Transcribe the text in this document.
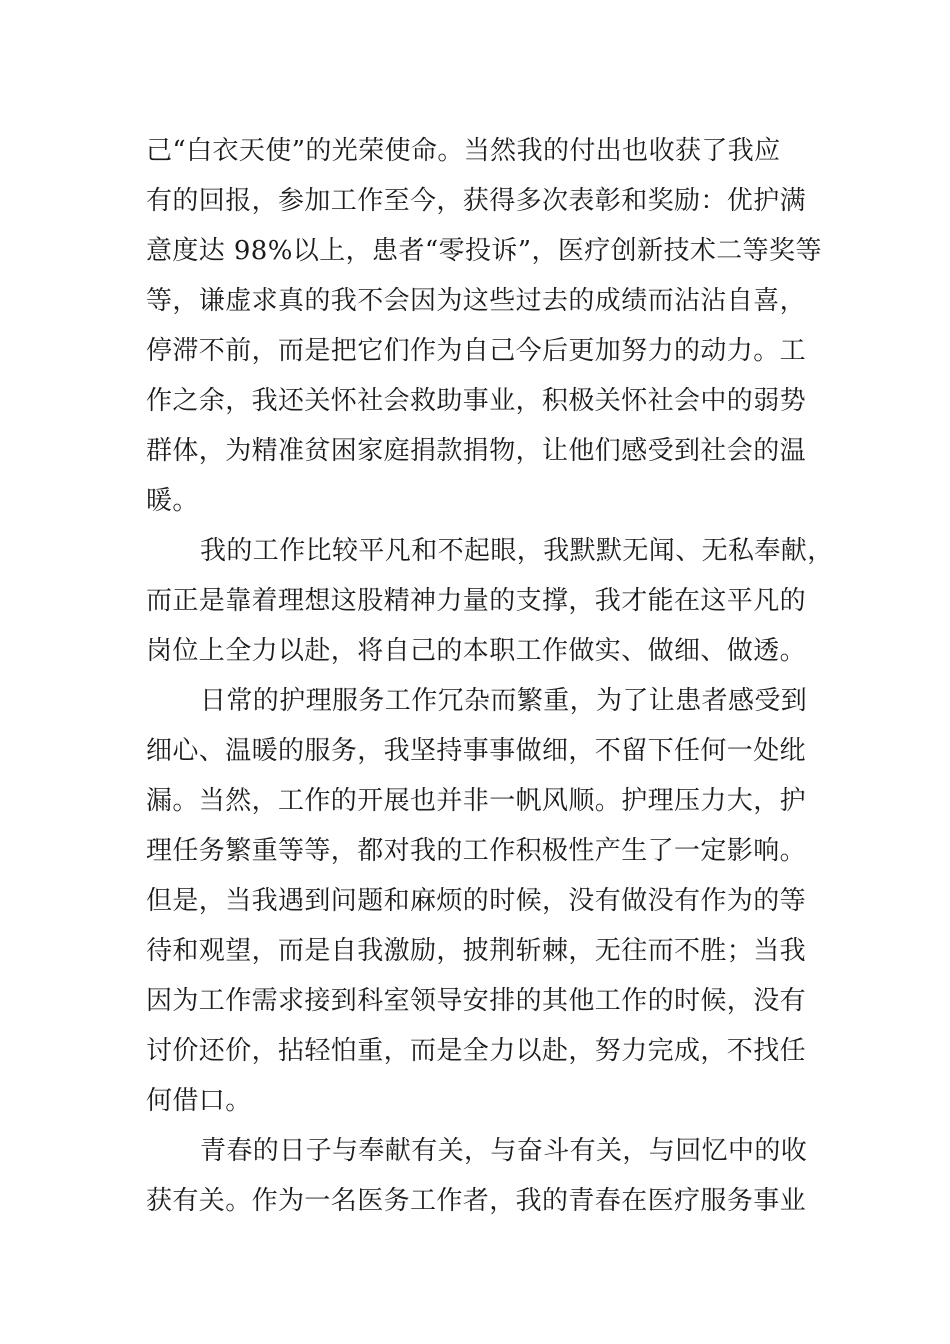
己“白衣天使”的光荣使命。当然我的付出也收获了我应
有的回报，参加工作至今，获得多次表彰和奖励：优护满
意度达 98%以上，患者“零投诉”，医疗创新技术二等奖等
等，谦虚求真的我不会因为这些过去的成绩而沾沾自喜，
停滞不前，而是把它们作为自己今后更加努力的动力。工
作之余，我还关怀社会救助事业，积极关怀社会中的弱势
群体，为精准贫困家庭捐款捐物，让他们感受到社会的温
暖。
我的工作比较平凡和不起眼，我默默无闻、无私奉献，
而正是靠着理想这股精神力量的支撑，我才能在这平凡的
岗位上全力以赴，将自己的本职工作做实、做细、做透。
日常的护理服务工作冗杂而繁重，为了让患者感受到
细心、温暖的服务，我坚持事事做细，不留下任何一处纰
漏。当然，工作的开展也并非一帆风顺。护理压力大，护
理任务繁重等等，都对我的工作积极性产生了一定影响。
但是，当我遇到问题和麻烦的时候，没有做没有作为的等
待和观望，而是自我激励，披荆斩棘，无往而不胜；当我
因为工作需求接到科室领导安排的其他工作的时候，没有
讨价还价，拈轻怕重，而是全力以赴，努力完成，不找任
何借口。
青春的日子与奉献有关，与奋斗有关，与回忆中的收
获有关。作为一名医务工作者，我的青春在医疗服务事业
